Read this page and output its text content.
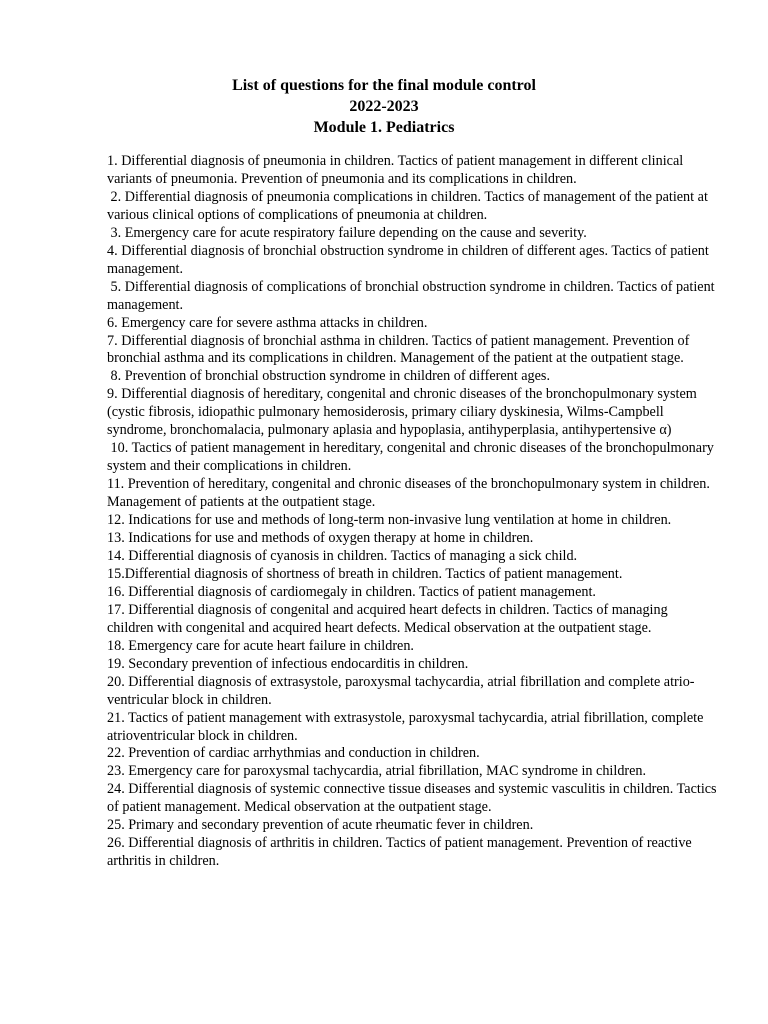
List of questions for the final module control
2022-2023
Module 1. Pediatrics

1. Differential diagnosis of pneumonia in children. Tactics of patient management in different clinical variants of pneumonia. Prevention of pneumonia and its complications in children.

2. Differential diagnosis of pneumonia complications in children. Tactics of management of the patient at various clinical options of complications of pneumonia at children.

3. Emergency care for acute respiratory failure depending on the cause and severity.

4. Differential diagnosis of bronchial obstruction syndrome in children of different ages. Tactics of patient management.

5. Differential diagnosis of complications of bronchial obstruction syndrome in children. Tactics of patient management.

6. Emergency care for severe asthma attacks in children.

7. Differential diagnosis of bronchial asthma in children. Tactics of patient management. Prevention of bronchial asthma and its complications in children. Management of the patient at the outpatient stage.

8. Prevention of bronchial obstruction syndrome in children of different ages.

9. Differential diagnosis of hereditary, congenital and chronic diseases of the bronchopulmonary system (cystic fibrosis, idiopathic pulmonary hemosiderosis, primary ciliary dyskinesia, Wilms-Campbell syndrome, bronchomalacia, pulmonary aplasia and hypoplasia, antihyperplasia, antihypertensive α)

10. Tactics of patient management in hereditary, congenital and chronic diseases of the bronchopulmonary system and their complications in children.

11. Prevention of hereditary, congenital and chronic diseases of the bronchopulmonary system in children. Management of patients at the outpatient stage.

12. Indications for use and methods of long-term non-invasive lung ventilation at home in children.

13. Indications for use and methods of oxygen therapy at home in children.

14. Differential diagnosis of cyanosis in children. Tactics of managing a sick child.

15.Differential diagnosis of shortness of breath in children. Tactics of patient management.

16. Differential diagnosis of cardiomegaly in children. Tactics of patient management.

17. Differential diagnosis of congenital and acquired heart defects in children. Tactics of managing children with congenital and acquired heart defects. Medical observation at the outpatient stage.

18. Emergency care for acute heart failure in children.

19. Secondary prevention of infectious endocarditis in children.

20. Differential diagnosis of extrasystole, paroxysmal tachycardia, atrial fibrillation and complete atrio-ventricular block in children.

21. Tactics of patient management with extrasystole, paroxysmal tachycardia, atrial fibrillation, complete atrioventricular block in children.

22. Prevention of cardiac arrhythmias and conduction in children.

23. Emergency care for paroxysmal tachycardia, atrial fibrillation, MAC syndrome in children.

24. Differential diagnosis of systemic connective tissue diseases and systemic vasculitis in children. Tactics of patient management. Medical observation at the outpatient stage.

25. Primary and secondary prevention of acute rheumatic fever in children.

26. Differential diagnosis of arthritis in children. Tactics of patient management. Prevention of reactive arthritis in children.
